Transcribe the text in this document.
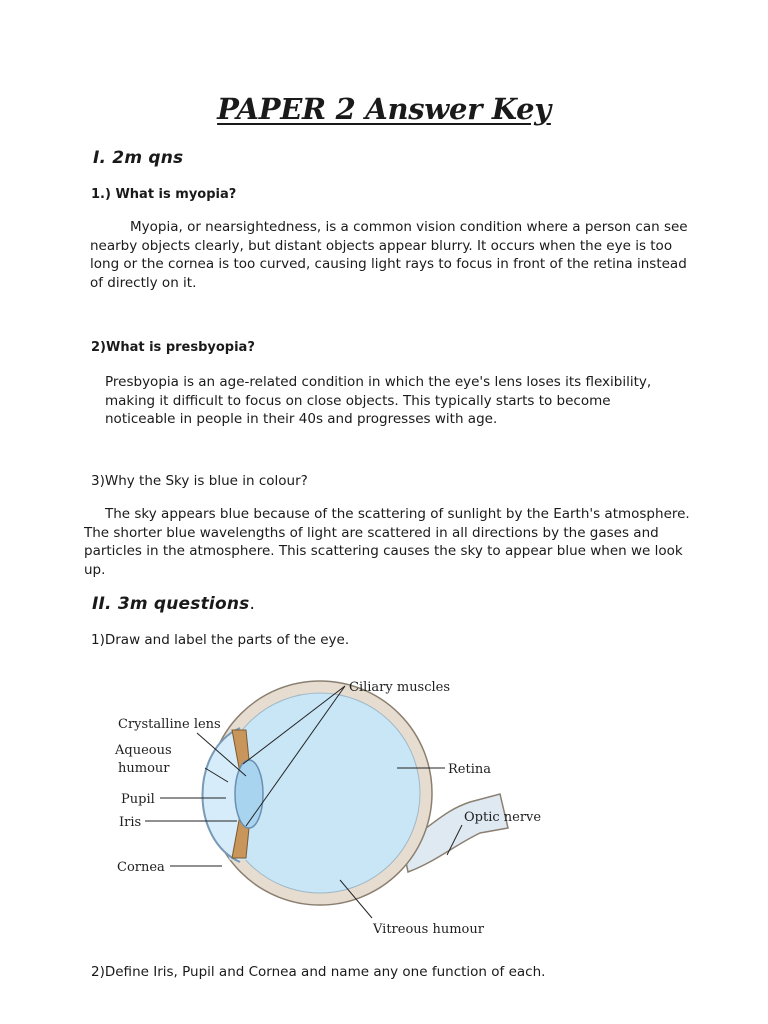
PAPER 2 Answer Key
I. 2m qns
1.) What is myopia?

Myopia, or nearsightedness, is a common vision condition where a person can see nearby objects clearly, but distant objects appear blurry. It occurs when the eye is too long or the cornea is too curved, causing light rays to focus in front of the retina instead of directly on it.

2)What is presbyopia?

Presbyopia is an age-related condition in which the eye's lens loses its flexibility, making it difficult to focus on close objects. This typically starts to become noticeable in people in their 40s and progresses with age.

3)Why the Sky is blue in colour?

The sky appears blue because of the scattering of sunlight by the Earth's atmosphere. The shorter blue wavelengths of light are scattered in all directions by the gases and particles in the atmosphere. This scattering causes the sky to appear blue when we look up.

II. 3m questions.
1)Draw and label the parts of the eye.
Ciliary muscles
Crystalline lens
Aqueous
humour
Pupil
Iris
Cornea
Retina
Optic nerve
Vitreous humour
2)Define Iris, Pupil and Cornea and name any one function of each.
